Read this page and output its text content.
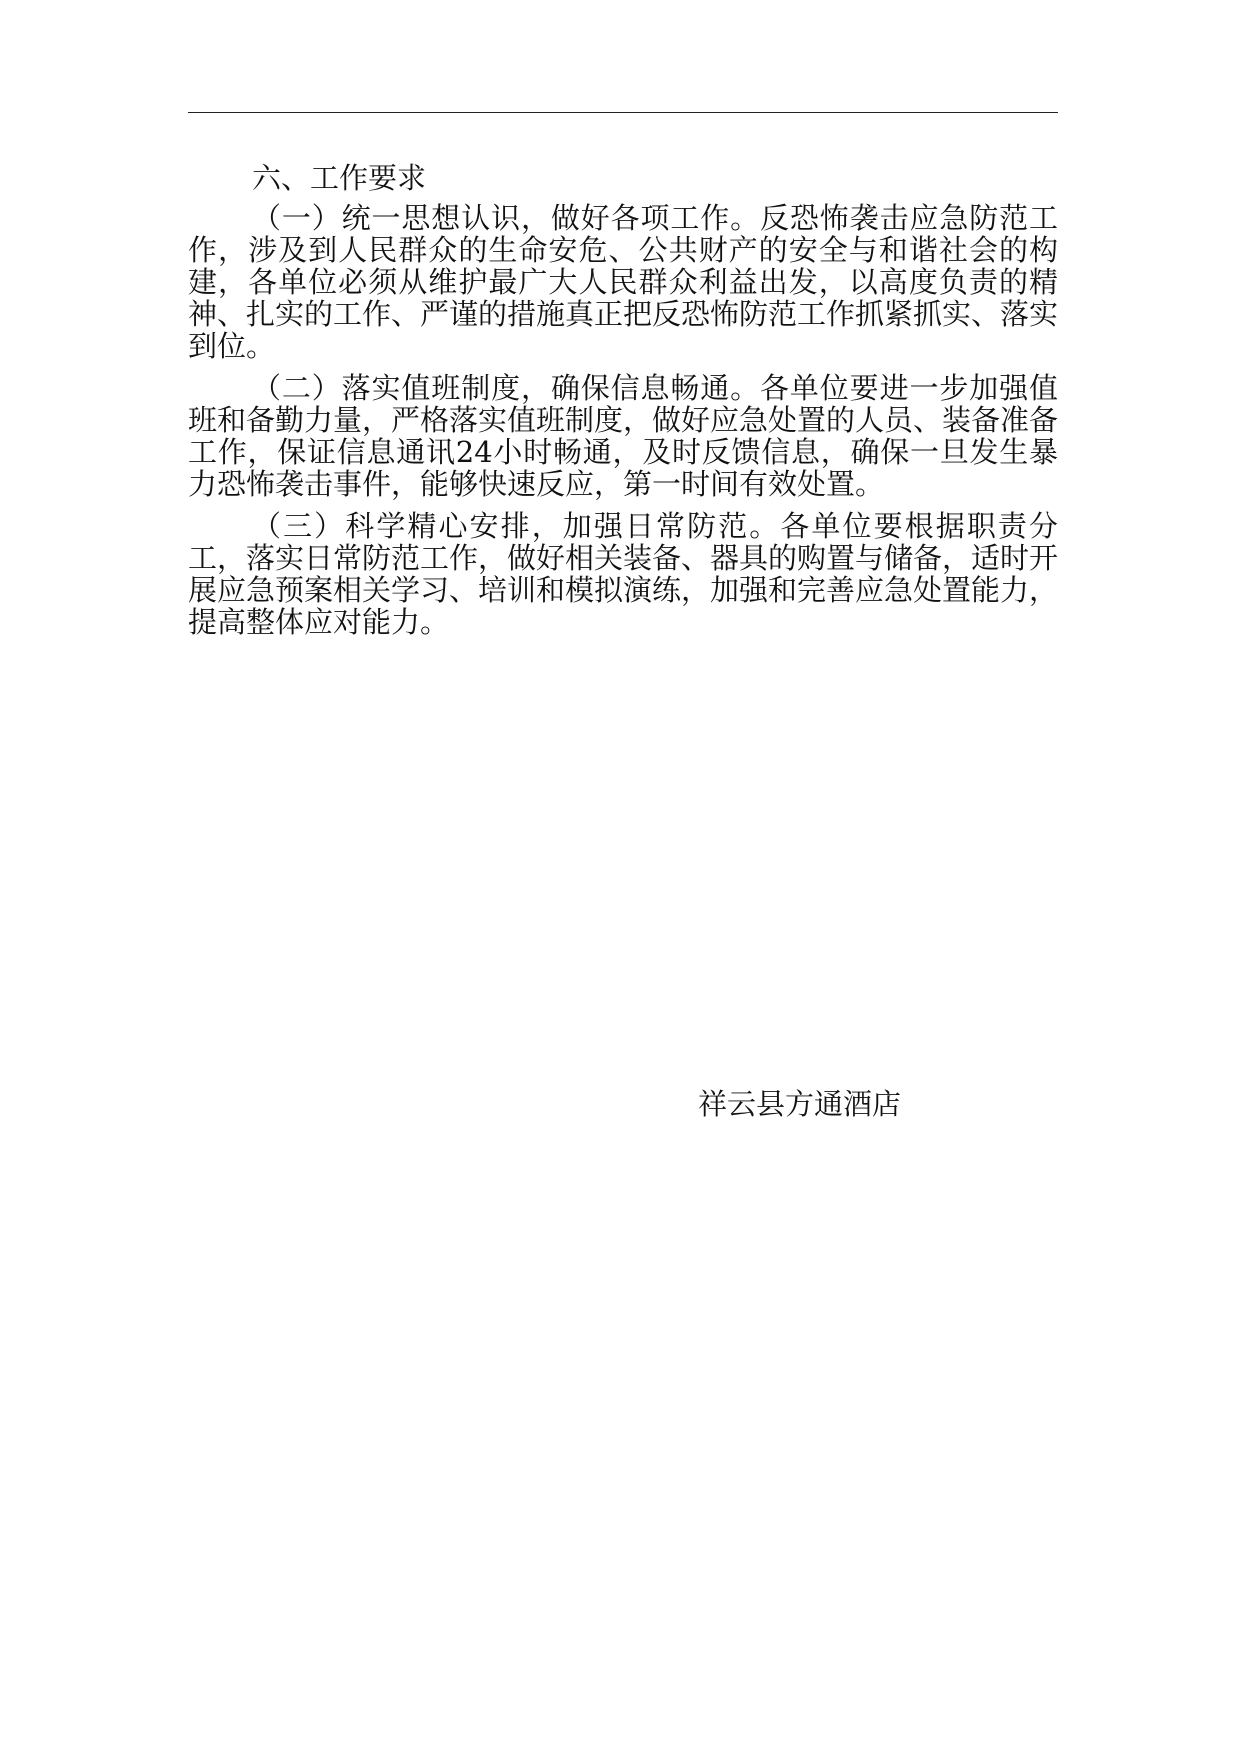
六、工作要求

（一）统一思想认识，做好各项工作。反恐怖袭击应急防范工作，涉及到人民群众的生命安危、公共财产的安全与和谐社会的构建，各单位必须从维护最广大人民群众利益出发，以高度负责的精神、扎实的工作、严谨的措施真正把反恐怖防范工作抓紧抓实、落实到位。

（二）落实值班制度，确保信息畅通。各单位要进一步加强值班和备勤力量，严格落实值班制度，做好应急处置的人员、装备准备工作，保证信息通讯24小时畅通，及时反馈信息，确保一旦发生暴力恐怖袭击事件，能够快速反应，第一时间有效处置。

（三）科学精心安排，加强日常防范。各单位要根据职责分工，落实日常防范工作，做好相关装备、器具的购置与储备，适时开展应急预案相关学习、培训和模拟演练，加强和完善应急处置能力，提高整体应对能力。

祥云县方通酒店
